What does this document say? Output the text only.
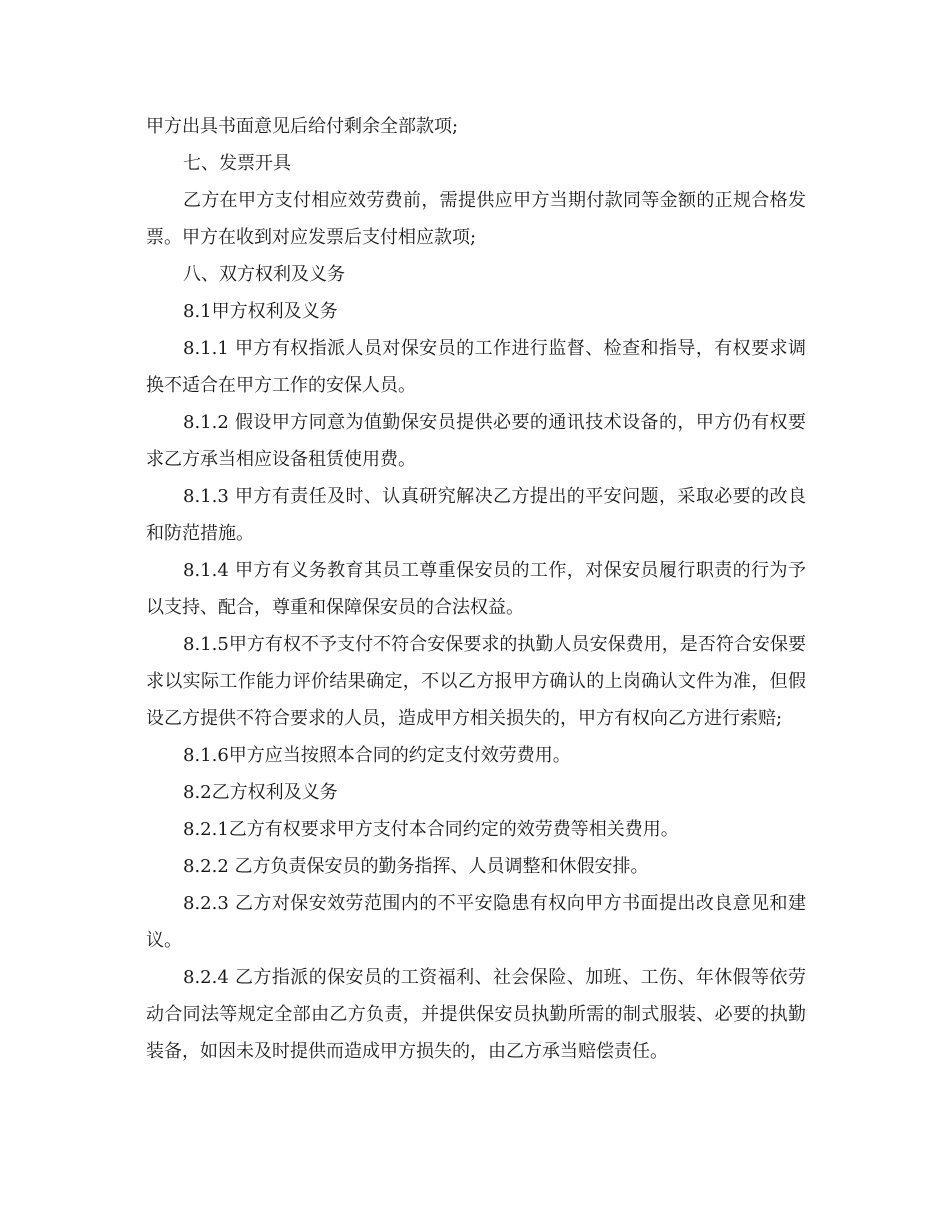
甲方出具书面意见后给付剩余全部款项;

七、发票开具

乙方在甲方支付相应效劳费前，需提供应甲方当期付款同等金额的正规合格发票。甲方在收到对应发票后支付相应款项;

八、双方权利及义务

8.1甲方权利及义务

8.1.1 甲方有权指派人员对保安员的工作进行监督、检查和指导，有权要求调换不适合在甲方工作的安保人员。

8.1.2 假设甲方同意为值勤保安员提供必要的通讯技术设备的，甲方仍有权要求乙方承当相应设备租赁使用费。

8.1.3 甲方有责任及时、认真研究解决乙方提出的平安问题，采取必要的改良和防范措施。

8.1.4 甲方有义务教育其员工尊重保安员的工作，对保安员履行职责的行为予以支持、配合，尊重和保障保安员的合法权益。

8.1.5甲方有权不予支付不符合安保要求的执勤人员安保费用，是否符合安保要求以实际工作能力评价结果确定，不以乙方报甲方确认的上岗确认文件为准，但假设乙方提供不符合要求的人员，造成甲方相关损失的，甲方有权向乙方进行索赔;

8.1.6甲方应当按照本合同的约定支付效劳费用。

8.2乙方权利及义务

8.2.1乙方有权要求甲方支付本合同约定的效劳费等相关费用。

8.2.2 乙方负责保安员的勤务指挥、人员调整和休假安排。

8.2.3 乙方对保安效劳范围内的不平安隐患有权向甲方书面提出改良意见和建议。

8.2.4 乙方指派的保安员的工资福利、社会保险、加班、工伤、年休假等依劳动合同法等规定全部由乙方负责，并提供保安员执勤所需的制式服装、必要的执勤装备，如因未及时提供而造成甲方损失的，由乙方承当赔偿责任。
